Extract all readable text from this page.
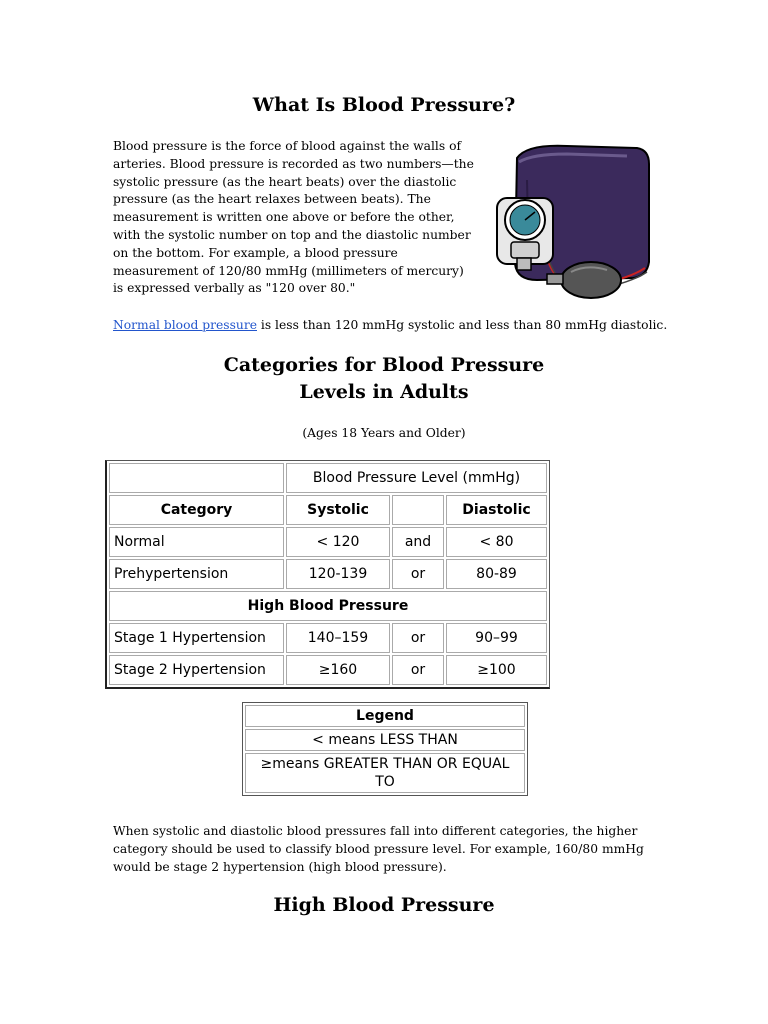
What Is Blood Pressure?

Blood pressure is the force of blood against the walls of arteries. Blood pressure is recorded as two numbers—the systolic pressure (as the heart beats) over the diastolic pressure (as the heart relaxes between beats). The measurement is written one above or before the other, with the systolic number on top and the diastolic number on the bottom. For example, a blood pressure measurement of 120/80 mmHg (millimeters of mercury) is expressed verbally as "120 over 80."

Normal blood pressure is less than 120 mmHg systolic and less than 80 mmHg diastolic.

Categories for Blood Pressure
Levels in Adults

(Ages 18 Years and Older)

	Blood Pressure Level (mmHg)		
Category	Systolic		Diastolic
Normal	< 120	and	< 80
Prehypertension	120-139	or	80-89
High Blood Pressure			
Stage 1 Hypertension	140–159	or	90–99
Stage 2 Hypertension	≥160	or	≥100
Legend
< means LESS THAN
≥means GREATER THAN OR EQUAL TO

When systolic and diastolic blood pressures fall into different categories, the higher category should be used to classify blood pressure level. For example, 160/80 mmHg would be stage 2 hypertension (high blood pressure).

High Blood Pressure
